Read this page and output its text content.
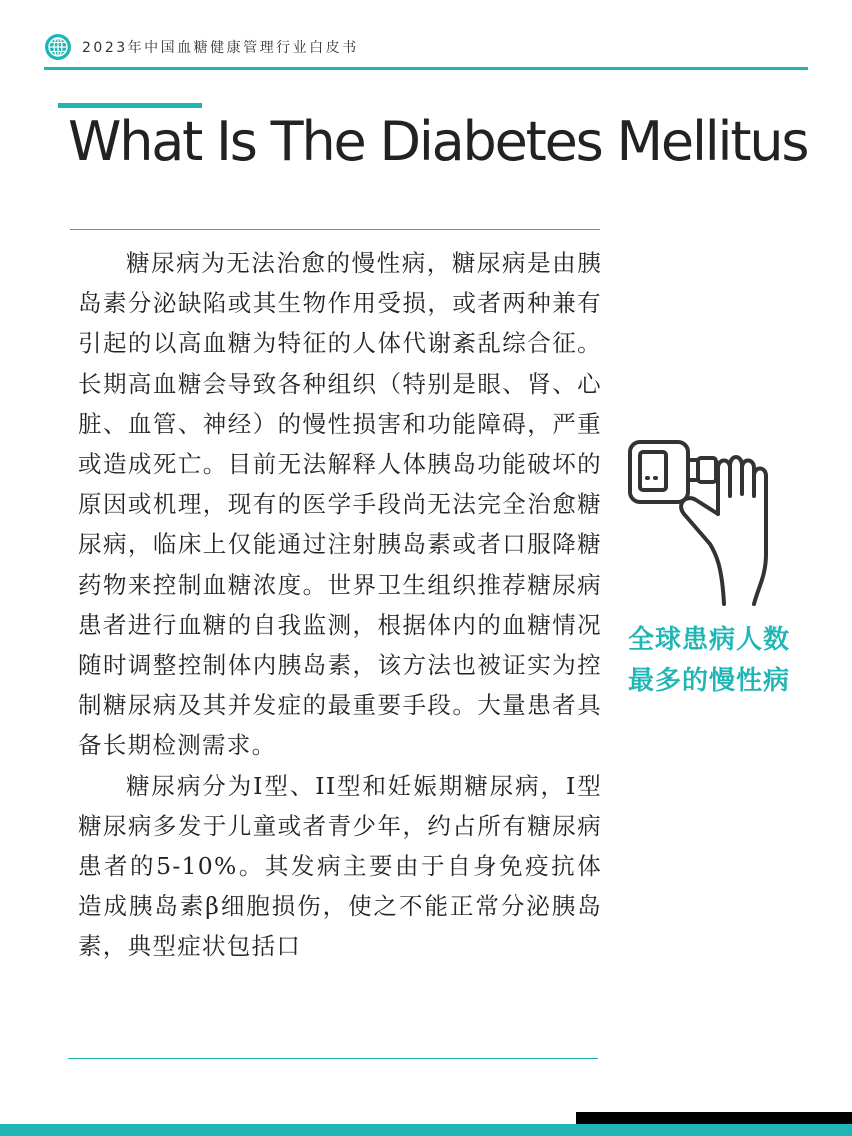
2023年中国血糖健康管理行业白皮书
What Is The Diabetes Mellitus

糖尿病为无法治愈的慢性病，糖尿病是由胰岛素分泌缺陷或其生物作用受损，或者两种兼有引起的以高血糖为特征的人体代谢紊乱综合征。长期高血糖会导致各种组织（特别是眼、肾、心脏、血管、神经）的慢性损害和功能障碍，严重或造成死亡。目前无法解释人体胰岛功能破坏的原因或机理，现有的医学手段尚无法完全治愈糖尿病，临床上仅能通过注射胰岛素或者口服降糖药物来控制血糖浓度。世界卫生组织推荐糖尿病患者进行血糖的自我监测，根据体内的血糖情况随时调整控制体内胰岛素，该方法也被证实为控制糖尿病及其并发症的最重要手段。大量患者具备长期检测需求。

糖尿病分为I型、II型和妊娠期糖尿病，I型糖尿病多发于儿童或者青少年，约占所有糖尿病患者的5-10%。其发病主要由于自身免疫抗体造成胰岛素β细胞损伤，使之不能正常分泌胰岛素，典型症状包括口

全球患病人数
最多的慢性病
